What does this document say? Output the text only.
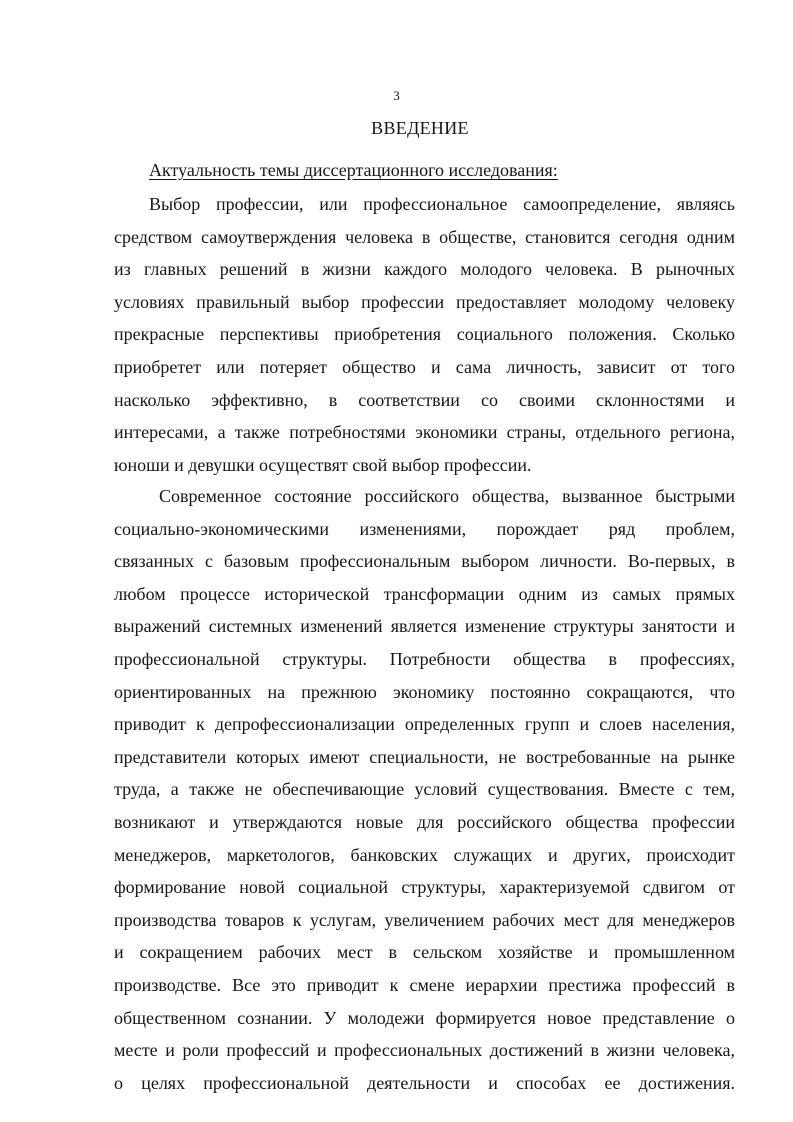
3
ВВЕДЕНИЕ
Актуальность темы диссертационного исследования:

Выбор профессии, или профессиональное самоопределение, являясь
средством самоутверждения человека в обществе, становится сегодня одним
из главных решений в жизни каждого молодого человека. В рыночных
условиях правильный выбор профессии предоставляет молодому человеку
прекрасные перспективы приобретения социального положения. Сколько
приобретет или потеряет общество и сама личность, зависит от того
насколько эффективно, в соответствии со своими склонностями и
интересами, а также потребностями экономики страны, отдельного региона,
юноши и девушки осуществят свой выбор профессии.

Современное состояние российского общества, вызванное быстрыми
социально-экономическими изменениями, порождает ряд проблем,
связанных с базовым профессиональным выбором личности. Во-первых, в
любом процессе исторической трансформации одним из самых прямых
выражений системных изменений является изменение структуры занятости и
профессиональной структуры. Потребности общества в профессиях,
ориентированных на прежнюю экономику постоянно сокращаются, что
приводит к депрофессионализации определенных групп и слоев населения,
представители которых имеют специальности, не востребованные на рынке
труда, а также не обеспечивающие условий существования. Вместе с тем,
возникают и утверждаются новые для российского общества профессии
менеджеров, маркетологов, банковских служащих и других, происходит
формирование новой социальной структуры, характеризуемой сдвигом от
производства товаров к услугам, увеличением рабочих мест для менеджеров
и сокращением рабочих мест в сельском хозяйстве и промышленном
производстве. Все это приводит к смене иерархии престижа профессий в
общественном сознании. У молодежи формируется новое представление о
месте и роли профессий и профессиональных достижений в жизни человека,
о целях профессиональной деятельности и способах ее достижения.
